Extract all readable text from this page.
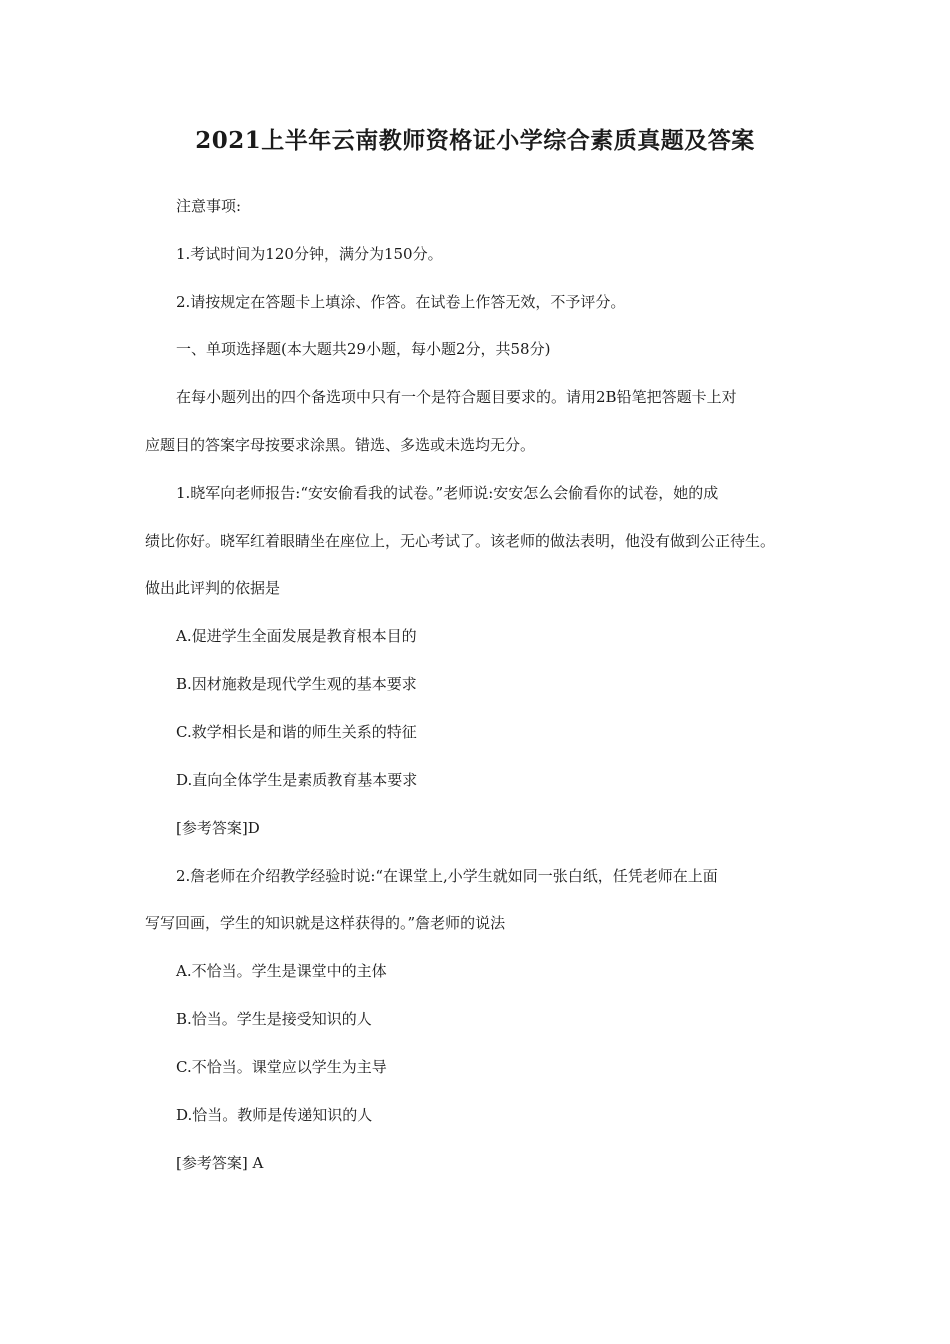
2021上半年云南教师资格证小学综合素质真题及答案

注意事项:

1.考试时间为120分钟，满分为150分。

2.请按规定在答题卡上填涂、作答。在试卷上作答无效，不予评分。

一、单项选择题(本大题共29小题，每小题2分，共58分)

在每小题列出的四个备选项中只有一个是符合题目要求的。请用2B铅笔把答题卡上对

应题目的答案字母按要求涂黑。错选、多选或未选均无分。

1.晓军向老师报告:“安安偷看我的试卷。”老师说:安安怎么会偷看你的试卷，她的成

绩比你好。晓军红着眼睛坐在座位上，无心考试了。该老师的做法表明，他没有做到公正待生。

做出此评判的依据是

A.促进学生全面发展是教育根本目的

B.因材施救是现代学生观的基本要求

C.救学相长是和谐的师生关系的特征

D.直向全体学生是素质教育基本要求

[参考答案]D

2.詹老师在介绍教学经验时说:“在课堂上,小学生就如同一张白纸，任凭老师在上面

写写回画，学生的知识就是这样获得的。”詹老师的说法

A.不恰当。学生是课堂中的主体

B.恰当。学生是接受知识的人

C.不恰当。课堂应以学生为主导

D.恰当。教师是传递知识的人

[参考答案] A
